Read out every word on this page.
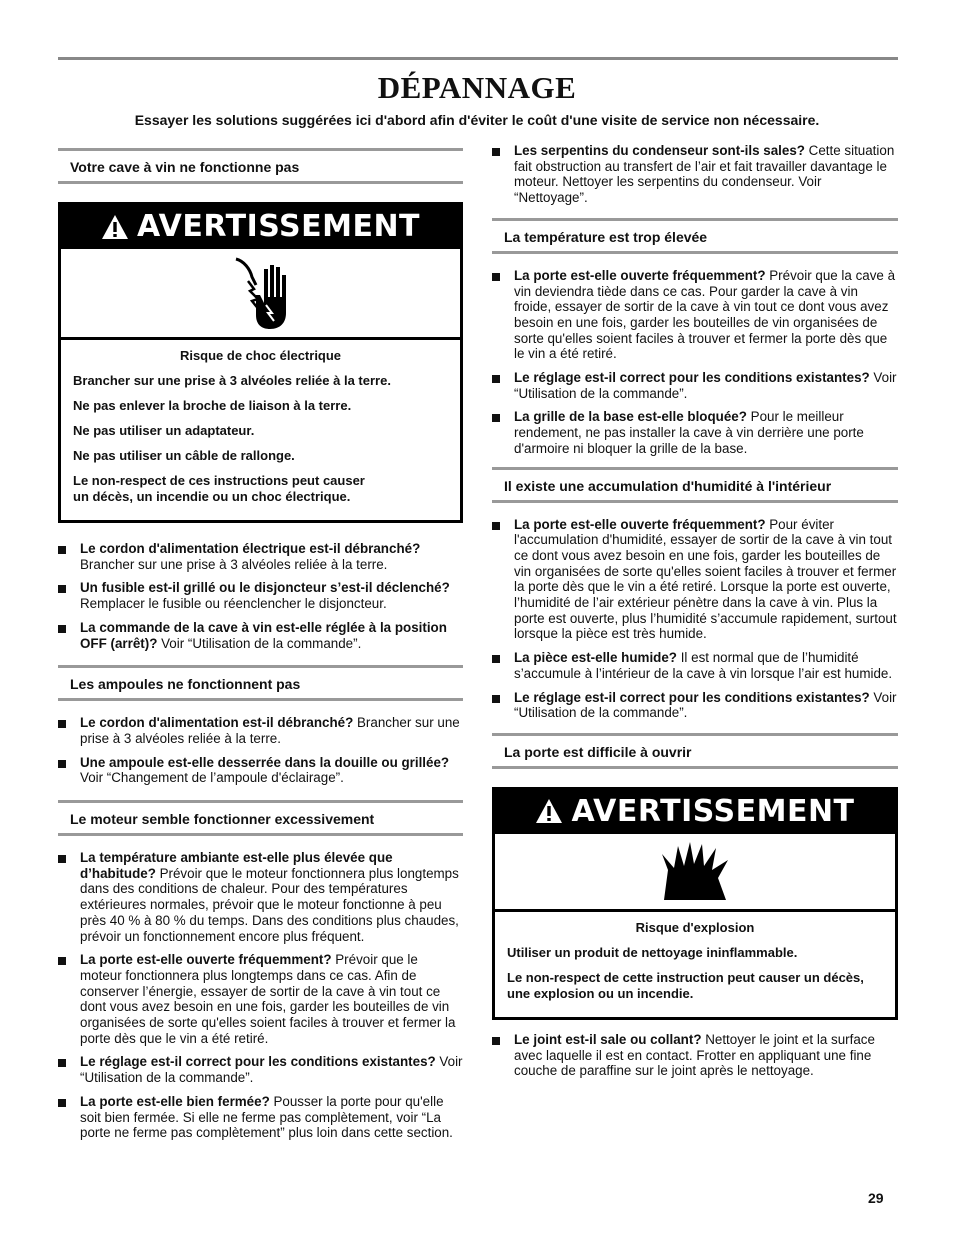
DÉPANNAGE
Essayer les solutions suggérées ici d'abord afin d'éviter le coût d'une visite de service non nécessaire.
Votre cave à vin ne fonctionne pas
AVERTISSEMENT

Risque de choc électrique

Brancher sur une prise à 3 alvéoles reliée à la terre.

Ne pas enlever la broche de liaison à la terre.

Ne pas utiliser un adaptateur.

Ne pas utiliser un câble de rallonge.

Le non-respect de ces instructions peut causer un décès, un incendie ou un choc électrique.

Le cordon d'alimentation électrique est-il débranché? Brancher sur une prise à 3 alvéoles reliée à la terre.

Un fusible est-il grillé ou le disjoncteur s’est-il déclenché? Remplacer le fusible ou réenclencher le disjoncteur.

La commande de la cave à vin est-elle réglée à la position OFF (arrêt)? Voir “Utilisation de la commande”.

Les ampoules ne fonctionnent pas

Le cordon d'alimentation est-il débranché? Brancher sur une prise à 3 alvéoles reliée à la terre.

Une ampoule est-elle desserrée dans la douille ou grillée? Voir “Changement de l’ampoule d'éclairage”.

Le moteur semble fonctionner excessivement

La température ambiante est-elle plus élevée que d’habitude? Prévoir que le moteur fonctionnera plus longtemps dans des conditions de chaleur. Pour des températures extérieures normales, prévoir que le moteur fonctionne à peu près 40 % à 80 % du temps. Dans des conditions plus chaudes, prévoir un fonctionnement encore plus fréquent.

La porte est-elle ouverte fréquemment? Prévoir que le moteur fonctionnera plus longtemps dans ce cas. Afin de conserver l’énergie, essayer de sortir de la cave à vin tout ce dont vous avez besoin en une fois, garder les bouteilles de vin organisées de sorte qu'elles soient faciles à trouver et fermer la porte dès que le vin a été retiré.

Le réglage est-il correct pour les conditions existantes? Voir “Utilisation de la commande”.

La porte est-elle bien fermée? Pousser la porte pour qu'elle soit bien fermée. Si elle ne ferme pas complètement, voir “La porte ne ferme pas complètement” plus loin dans cette section.

Les serpentins du condenseur sont-ils sales? Cette situation fait obstruction au transfert de l’air et fait travailler davantage le moteur. Nettoyer les serpentins du condenseur. Voir “Nettoyage”.

La température est trop élevée

La porte est-elle ouverte fréquemment? Prévoir que la cave à vin deviendra tiède dans ce cas. Pour garder la cave à vin froide, essayer de sortir de la cave à vin tout ce dont vous avez besoin en une fois, garder les bouteilles de vin organisées de sorte qu'elles soient faciles à trouver et fermer la porte dès que le vin a été retiré.

Le réglage est-il correct pour les conditions existantes? Voir “Utilisation de la commande”.

La grille de la base est-elle bloquée? Pour le meilleur rendement, ne pas installer la cave à vin derrière une porte d'armoire ni bloquer la grille de la base.

Il existe une accumulation d'humidité à l'intérieur

La porte est-elle ouverte fréquemment? Pour éviter l'accumulation d'humidité, essayer de sortir de la cave à vin tout ce dont vous avez besoin en une fois, garder les bouteilles de vin organisées de sorte qu'elles soient faciles à trouver et fermer la porte dès que le vin a été retiré. Lorsque la porte est ouverte, l’humidité de l’air extérieur pénètre dans la cave à vin. Plus la porte est ouverte, plus l’humidité s’accumule rapidement, surtout lorsque la pièce est très humide.

La pièce est-elle humide? Il est normal que de l’humidité s’accumule à l’intérieur de la cave à vin lorsque l’air est humide.

Le réglage est-il correct pour les conditions existantes? Voir “Utilisation de la commande”.

La porte est difficile à ouvrir
AVERTISSEMENT

Risque d'explosion

Utiliser un produit de nettoyage ininflammable.

Le non-respect de cette instruction peut causer un décès, une explosion ou un incendie.

Le joint est-il sale ou collant? Nettoyer le joint et la surface avec laquelle il est en contact. Frotter en appliquant une fine couche de paraffine sur le joint après le nettoyage.

29
